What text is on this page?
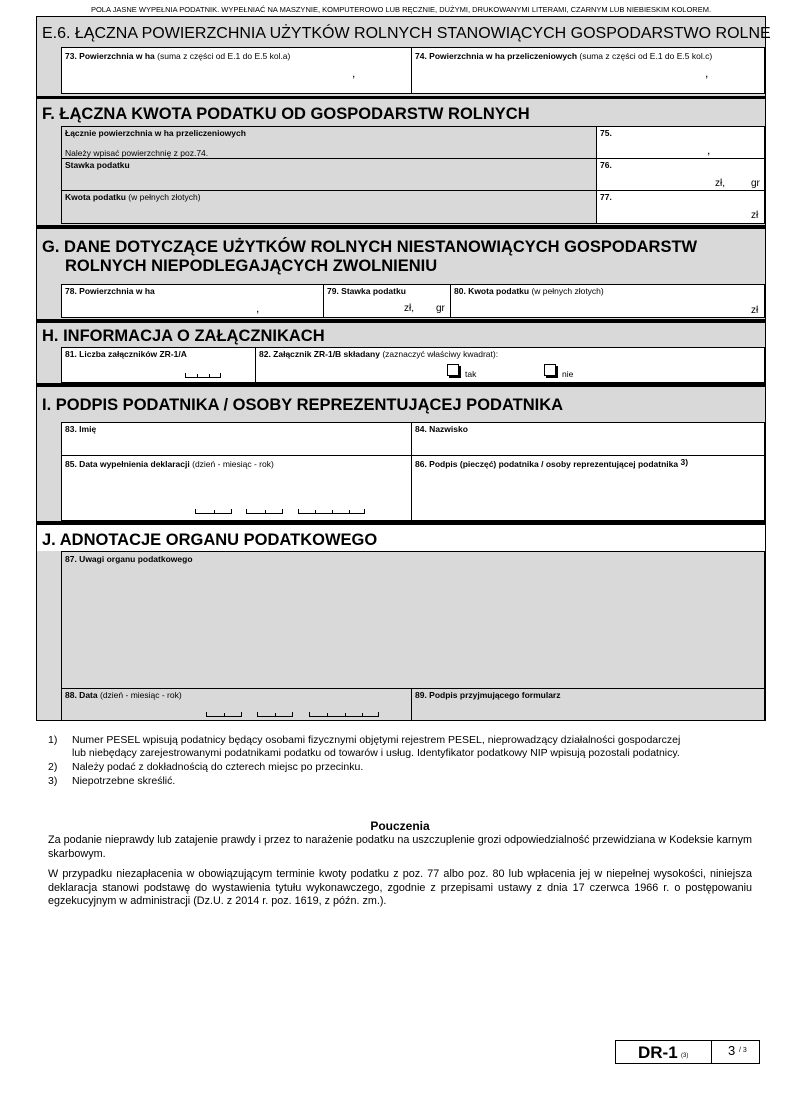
POLA JASNE WYPEŁNIA PODATNIK. WYPEŁNIAĆ NA MASZYNIE, KOMPUTEROWO LUB RĘCZNIE, DUŻYMI, DRUKOWANYMI LITERAMI, CZARNYM LUB NIEBIESKIM KOLOREM.
E.6. ŁĄCZNA POWIERZCHNIA UŻYTKÓW ROLNYCH STANOWIĄCYCH GOSPODARSTWO ROLNE
73. Powierzchnia w ha (suma z części od E.1 do E.5 kol.a)
,
74. Powierzchnia w ha przeliczeniowych (suma z części od E.1 do E.5 kol.c)
,
F. ŁĄCZNA KWOTA PODATKU OD GOSPODARSTW ROLNYCH
Łącznie powierzchnia w ha przeliczeniowych
Należy wpisać powierzchnię z poz.74.
75.
,
Stawka podatku	76.
zł,	gr
Kwota podatku (w pełnych złotych)	77.
zł
G. DANE DOTYCZĄCE UŻYTKÓW ROLNYCH NIESTANOWIĄCYCH GOSPODARSTW
ROLNYCH NIEPODLEGAJĄCYCH ZWOLNIENIU
78. Powierzchnia w ha
,
79. Stawka podatku
zł, gr
80. Kwota podatku (w pełnych złotych)
zł
H. INFORMACJA O ZAŁĄCZNIKACH
81. Liczba załączników ZR-1/A	82. Załącznik ZR-1/B składany (zaznaczyć właściwy kwadrat):
tak	nie
I. PODPIS PODATNIKA / OSOBY REPREZENTUJĄCEJ PODATNIKA
83. Imię	84. Nazwisko
85. Data wypełnienia deklaracji (dzień - miesiąc - rok)	86. Podpis (pieczęć) podatnika / osoby reprezentującej podatnika 3)
J. ADNOTACJE ORGANU PODATKOWEGO
87. Uwagi organu podatkowego
88. Data (dzień - miesiąc - rok)	89. Podpis przyjmującego formularz
1) Numer PESEL wpisują podatnicy będący osobami fizycznymi objętymi rejestrem PESEL, nieprowadzący działalności gospodarczej
lub niebędący zarejestrowanymi podatnikami podatku od towarów i usług. Identyfikator podatkowy NIP wpisują pozostali podatnicy.
2) Należy podać z dokładnością do czterech miejsc po przecinku.
3) Niepotrzebne skreślić.
Pouczenia
Za podanie nieprawdy lub zatajenie prawdy i przez to narażenie podatku na uszczuplenie grozi odpowiedzialność przewidziana w Kodeksie karnym skarbowym.
W przypadku niezapłacenia w obowiązującym terminie kwoty podatku z poz. 77 albo poz. 80 lub wpłacenia jej w niepełnej wysokości, niniejsza deklaracja stanowi podstawę do wystawienia tytułu wykonawczego, zgodnie z przepisami ustawy z dnia 17 czerwca 1966 r. o postępowaniu egzekucyjnym w administracji (Dz.U. z 2014 r. poz. 1619, z późn. zm.).
DR-1 (3)	3 / 3
